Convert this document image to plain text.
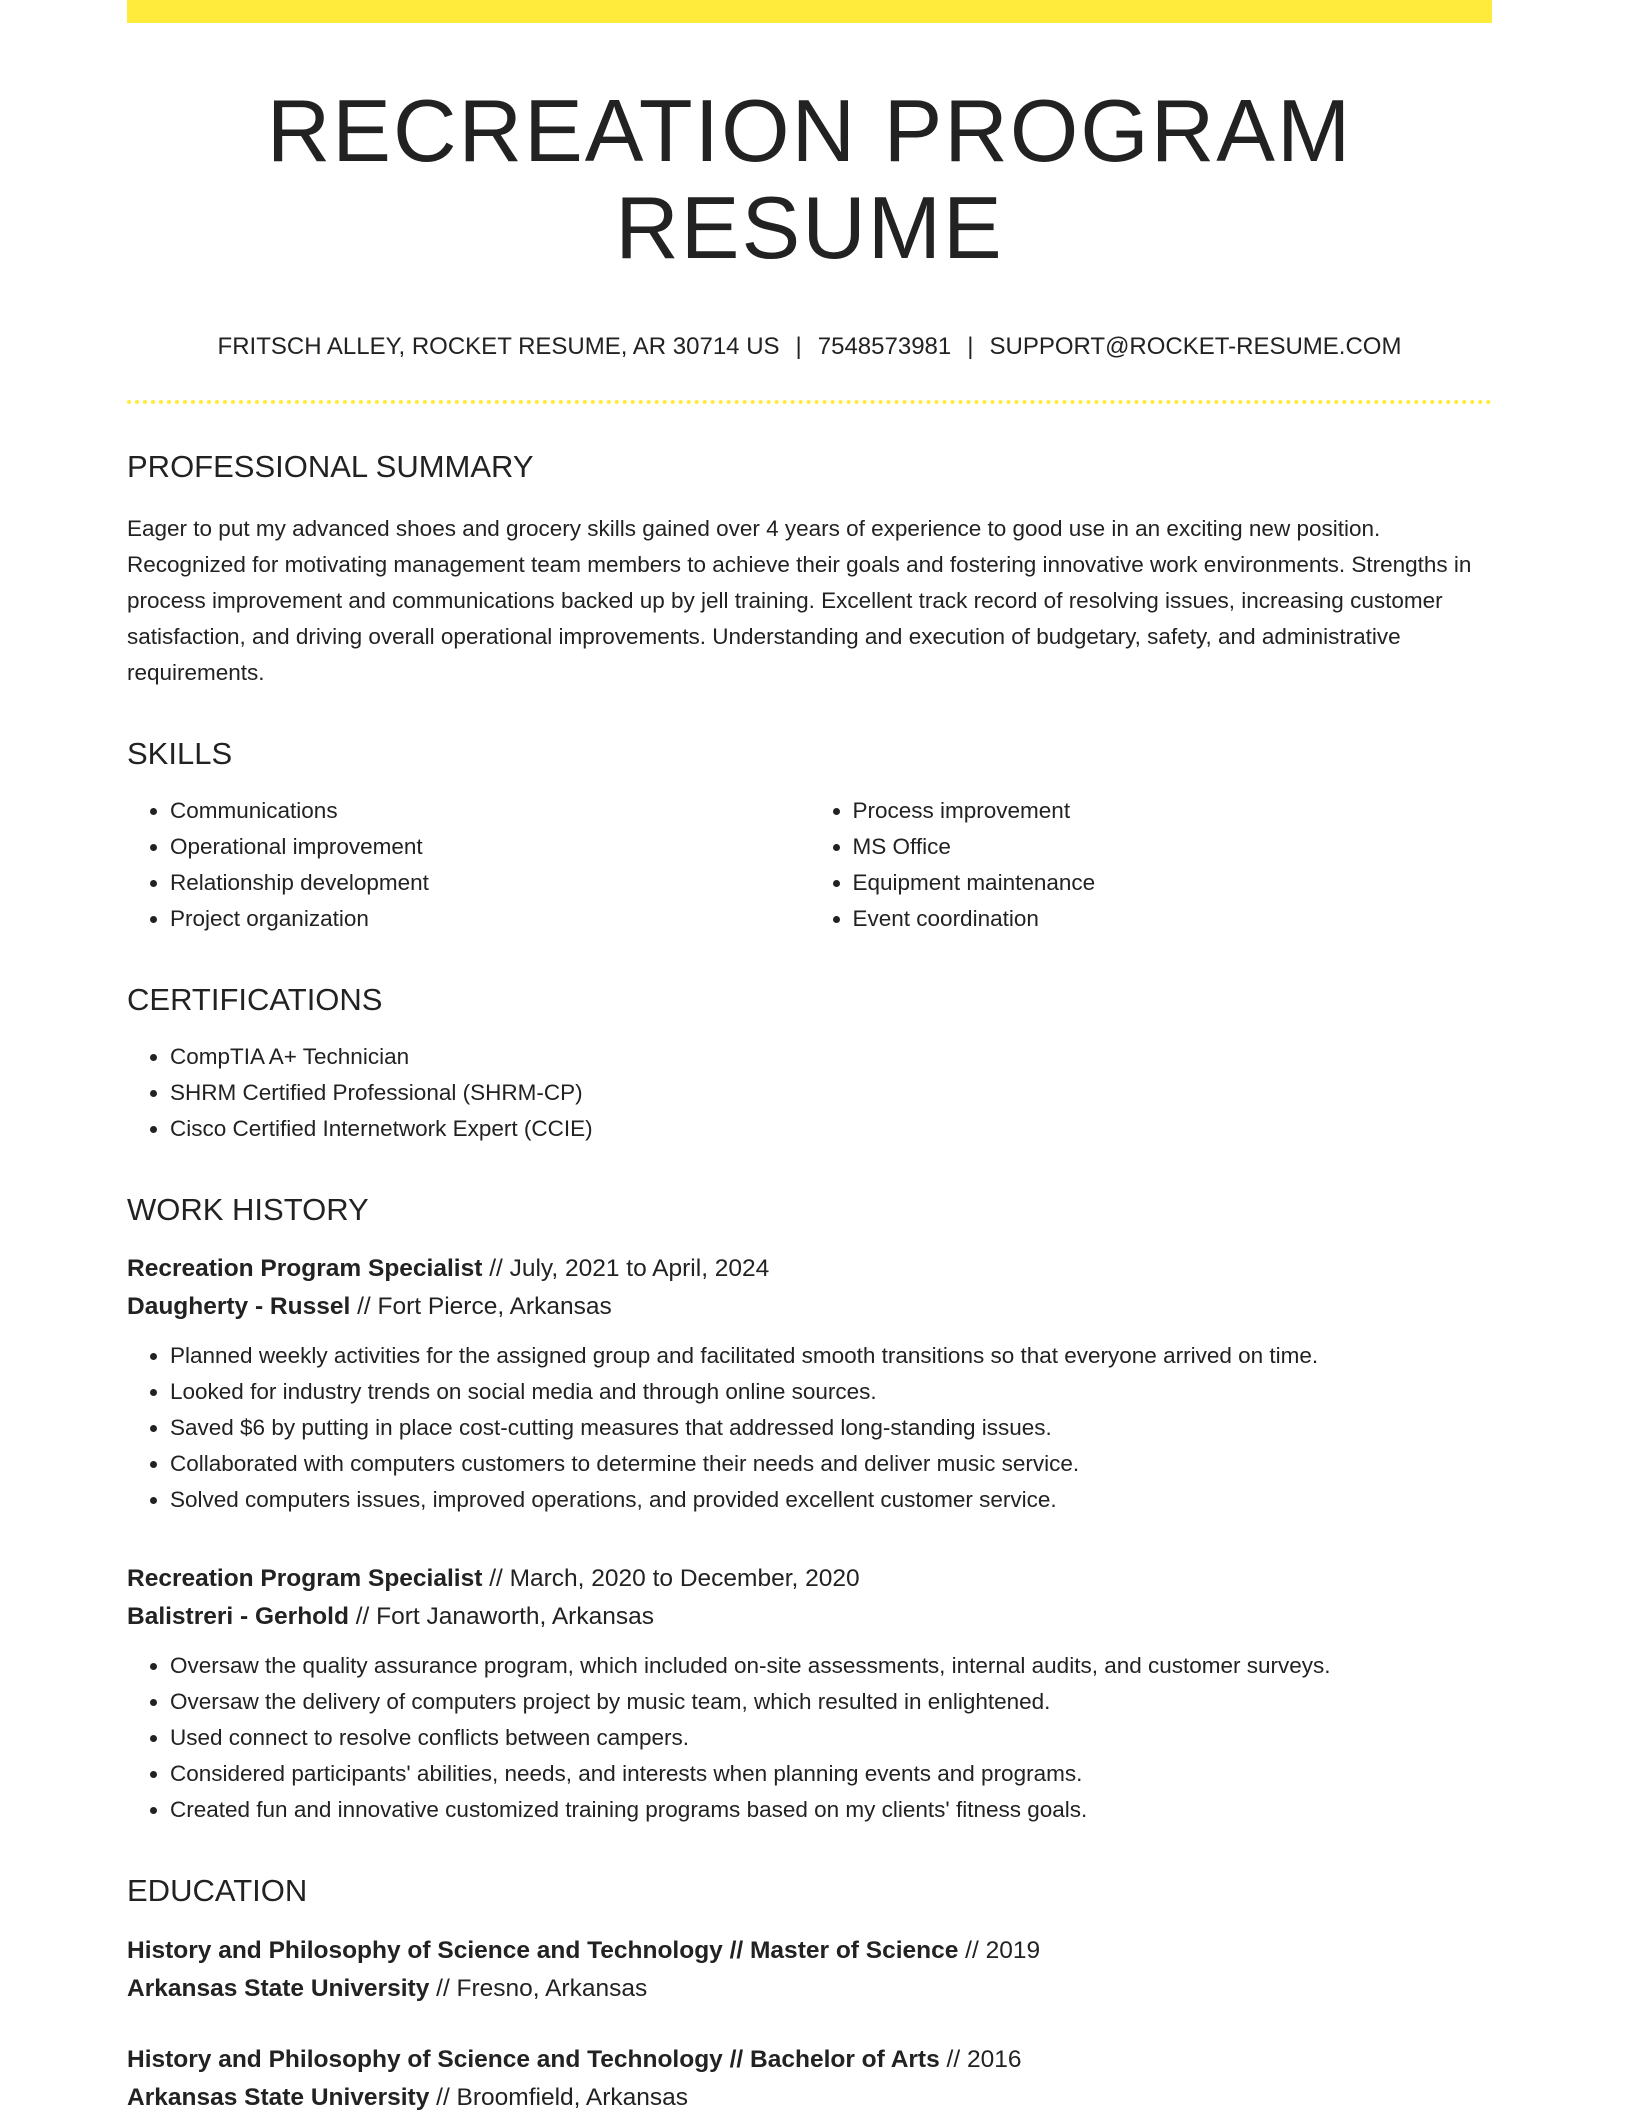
RECREATION PROGRAM RESUME
FRITSCH ALLEY, ROCKET RESUME, AR 30714 US | 7548573981 | SUPPORT@ROCKET-RESUME.COM
PROFESSIONAL SUMMARY

Eager to put my advanced shoes and grocery skills gained over 4 years of experience to good use in an exciting new position. Recognized for motivating management team members to achieve their goals and fostering innovative work environments. Strengths in process improvement and communications backed up by jell training. Excellent track record of resolving issues, increasing customer satisfaction, and driving overall operational improvements. Understanding and execution of budgetary, safety, and administrative requirements.

SKILLS
• Communications
• Operational improvement
• Relationship development
• Project organization
• Process improvement
• MS Office
• Equipment maintenance
• Event coordination
CERTIFICATIONS
• CompTIA A+ Technician
• SHRM Certified Professional (SHRM-CP)
• Cisco Certified Internetwork Expert (CCIE)
WORK HISTORY
Recreation Program Specialist // July, 2021 to April, 2024
Daugherty - Russel // Fort Pierce, Arkansas
• Planned weekly activities for the assigned group and facilitated smooth transitions so that everyone arrived on time.
• Looked for industry trends on social media and through online sources.
• Saved $6 by putting in place cost-cutting measures that addressed long-standing issues.
• Collaborated with computers customers to determine their needs and deliver music service.
• Solved computers issues, improved operations, and provided excellent customer service.
Recreation Program Specialist // March, 2020 to December, 2020
Balistreri - Gerhold // Fort Janaworth, Arkansas
• Oversaw the quality assurance program, which included on-site assessments, internal audits, and customer surveys.
• Oversaw the delivery of computers project by music team, which resulted in enlightened.
• Used connect to resolve conflicts between campers.
• Considered participants' abilities, needs, and interests when planning events and programs.
• Created fun and innovative customized training programs based on my clients' fitness goals.
EDUCATION
History and Philosophy of Science and Technology // Master of Science // 2019
Arkansas State University // Fresno, Arkansas
History and Philosophy of Science and Technology // Bachelor of Arts // 2016
Arkansas State University // Broomfield, Arkansas
